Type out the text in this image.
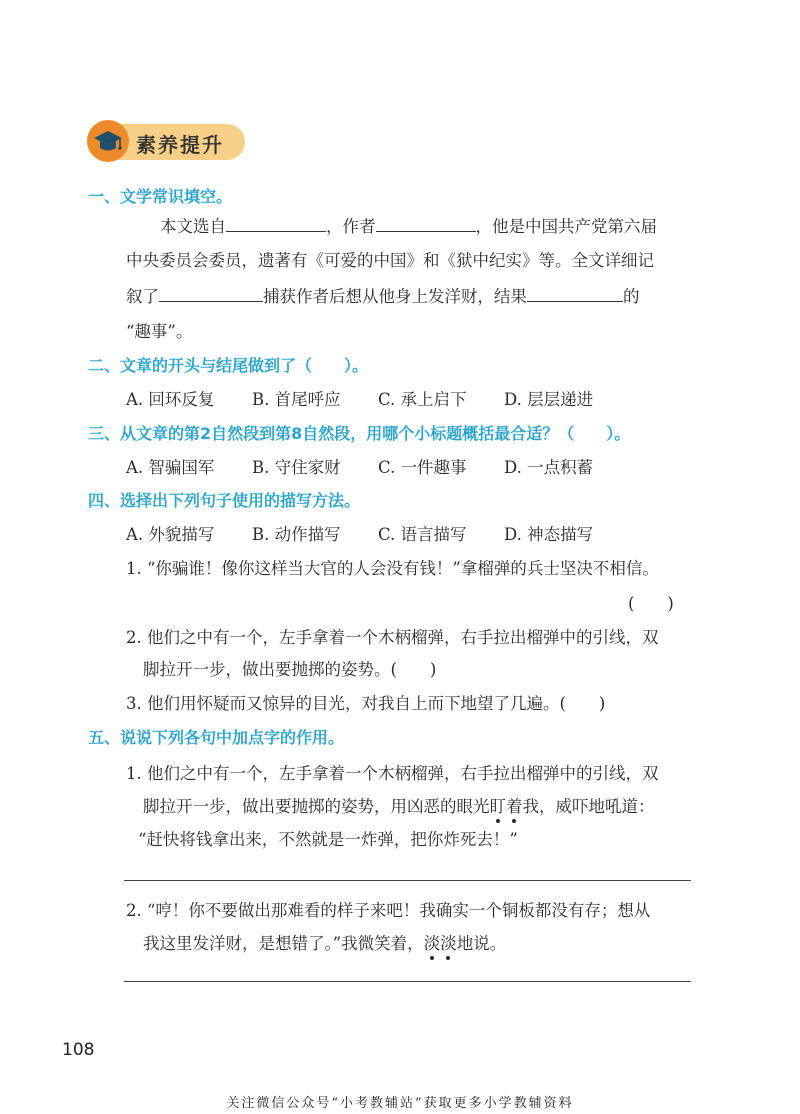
素养提升
一、文学常识填空。
本文选自	，作者	，他是中国共产党第六届
中央委员会委员，遗著有《可爱的中国》和《狱中纪实》等。全文详细记
叙了	捕获作者后想从他身上发洋财，结果	的
“趣事”。
二、文章的开头与结尾做到了（　　）。
A. 回环反复 B. 首尾呼应 C. 承上启下 D. 层层递进
三、从文章的第2自然段到第8自然段，用哪个小标题概括最合适？（　　）。
A. 智骗国军 B. 守住家财 C. 一件趣事 D. 一点积蓄
四、选择出下列句子使用的描写方法。
A. 外貌描写 B. 动作描写 C. 语言描写 D. 神态描写
1. “你骗谁！像你这样当大官的人会没有钱！”拿榴弹的兵士坚决不相信。
(　　)
2. 他们之中有一个，左手拿着一个木柄榴弹，右手拉出榴弹中的引线，双
脚拉开一步，做出要抛掷的姿势。(　　)
3. 他们用怀疑而又惊异的目光，对我自上而下地望了几遍。(　　)
五、说说下列各句中加点字的作用。
1. 他们之中有一个，左手拿着一个木柄榴弹，右手拉出榴弹中的引线，双
脚拉开一步，做出要抛掷的姿势，用凶恶的眼光盯着我，威吓地吼道：
“赶快将钱拿出来，不然就是一炸弹，把你炸死去！”
2. “哼！你不要做出那难看的样子来吧！我确实一个铜板都没有存；想从
我这里发洋财，是想错了。”我微笑着，淡淡地说。
108
关注微信公众号“小考教辅站”获取更多小学教辅资料
